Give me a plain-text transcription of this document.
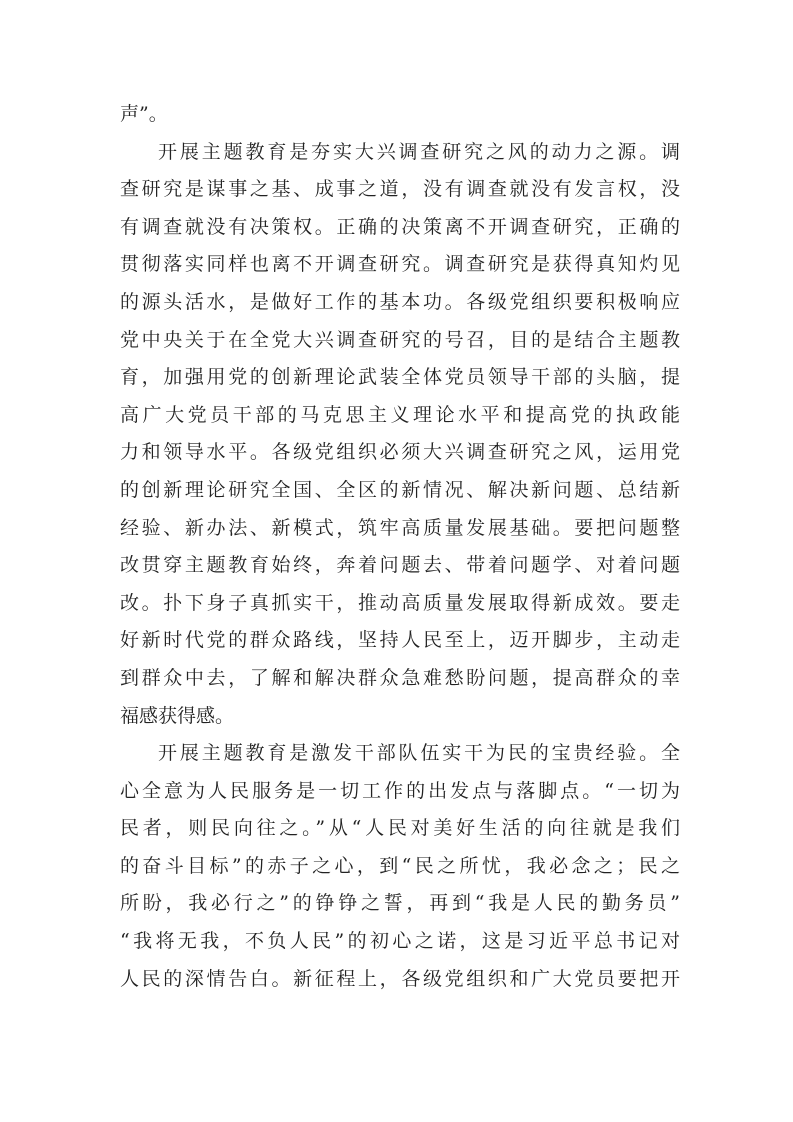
声”。
开展主题教育是夯实大兴调查研究之风的动力之源。调
查研究是谋事之基、成事之道，没有调查就没有发言权，没
有调查就没有决策权。正确的决策离不开调查研究，正确的
贯彻落实同样也离不开调查研究。调查研究是获得真知灼见
的源头活水，是做好工作的基本功。各级党组织要积极响应
党中央关于在全党大兴调查研究的号召，目的是结合主题教
育，加强用党的创新理论武装全体党员领导干部的头脑，提
高广大党员干部的马克思主义理论水平和提高党的执政能
力和领导水平。各级党组织必须大兴调查研究之风，运用党
的创新理论研究全国、全区的新情况、解决新问题、总结新
经验、新办法、新模式，筑牢高质量发展基础。要把问题整
改贯穿主题教育始终，奔着问题去、带着问题学、对着问题
改。扑下身子真抓实干，推动高质量发展取得新成效。要走
好新时代党的群众路线，坚持人民至上，迈开脚步，主动走
到群众中去，了解和解决群众急难愁盼问题，提高群众的幸
福感获得感。
开展主题教育是激发干部队伍实干为民的宝贵经验。全
心全意为人民服务是一切工作的出发点与落脚点。“一切为
民者，则民向往之。”从“人民对美好生活的向往就是我们
的奋斗目标”的赤子之心，到“民之所忧，我必念之；民之
所盼，我必行之”的铮铮之誓，再到“我是人民的勤务员”
“我将无我，不负人民”的初心之诺，这是习近平总书记对
人民的深情告白。新征程上，各级党组织和广大党员要把开
